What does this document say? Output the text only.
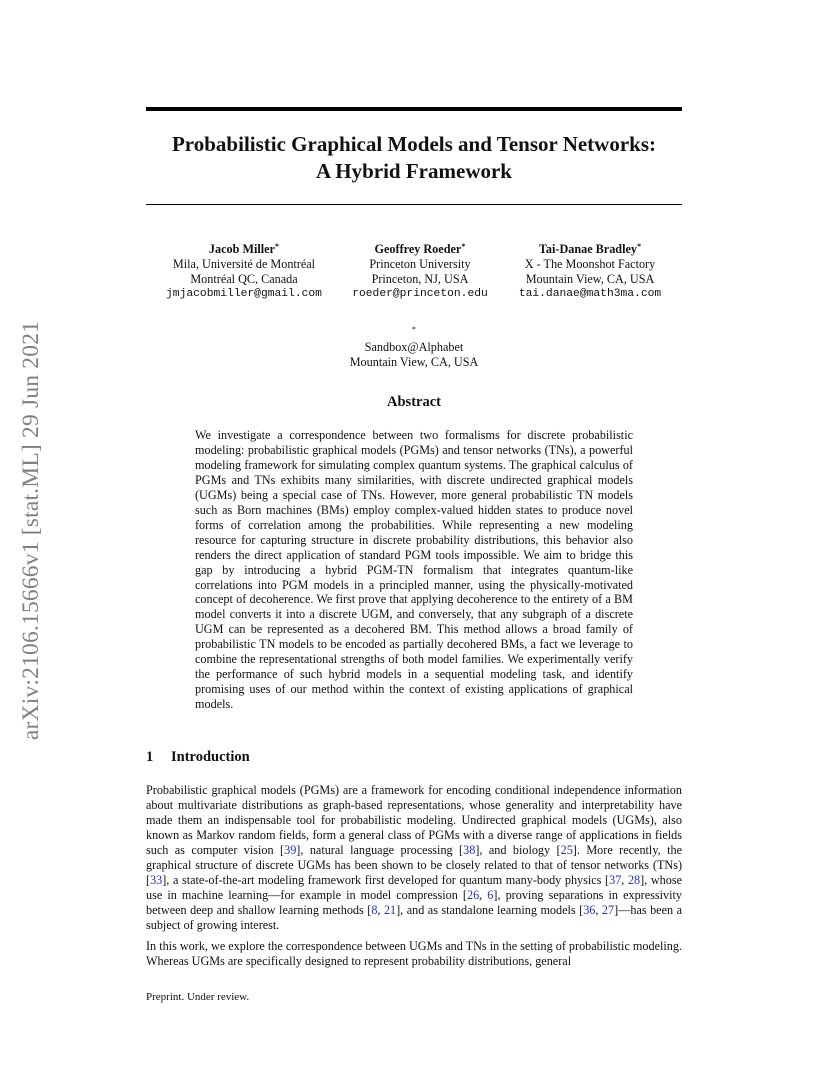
arXiv:2106.15666v1 [stat.ML] 29 Jun 2021
Probabilistic Graphical Models and Tensor Networks:
A Hybrid Framework
Jacob Miller*
Mila, Université de Montréal
Montréal QC, Canada
jmjacobmiller@gmail.com
Geoffrey Roeder*
Princeton University
Princeton, NJ, USA
roeder@princeton.edu
Tai-Danae Bradley*
X - The Moonshot Factory
Mountain View, CA, USA
tai.danae@math3ma.com
*
Sandbox@Alphabet
Mountain View, CA, USA
Abstract

We investigate a correspondence between two formalisms for discrete probabilistic modeling: probabilistic graphical models (PGMs) and tensor networks (TNs), a powerful modeling framework for simulating complex quantum systems. The graphical calculus of PGMs and TNs exhibits many similarities, with discrete undirected graphical models (UGMs) being a special case of TNs. However, more general probabilistic TN models such as Born machines (BMs) employ complex-valued hidden states to produce novel forms of correlation among the probabilities. While representing a new modeling resource for capturing structure in discrete probability distributions, this behavior also renders the direct application of standard PGM tools impossible. We aim to bridge this gap by introducing a hybrid PGM-TN formalism that integrates quantum-like correlations into PGM models in a principled manner, using the physically-motivated concept of decoherence. We first prove that applying decoherence to the entirety of a BM model converts it into a discrete UGM, and conversely, that any subgraph of a discrete UGM can be represented as a decohered BM. This method allows a broad family of probabilistic TN models to be encoded as partially decohered BMs, a fact we leverage to combine the representational strengths of both model families. We experimentally verify the performance of such hybrid models in a sequential modeling task, and identify promising uses of our method within the context of existing applications of graphical models.

1 Introduction

Probabilistic graphical models (PGMs) are a framework for encoding conditional independence information about multivariate distributions as graph-based representations, whose generality and interpretability have made them an indispensable tool for probabilistic modeling. Undirected graphical models (UGMs), also known as Markov random fields, form a general class of PGMs with a diverse range of applications in fields such as computer vision [39], natural language processing [38], and biology [25]. More recently, the graphical structure of discrete UGMs has been shown to be closely related to that of tensor networks (TNs) [33], a state-of-the-art modeling framework first developed for quantum many-body physics [37, 28], whose use in machine learning—for example in model compression [26, 6], proving separations in expressivity between deep and shallow learning methods [8, 21], and as standalone learning models [36, 27]—has been a subject of growing interest.

In this work, we explore the correspondence between UGMs and TNs in the setting of probabilistic modeling. Whereas UGMs are specifically designed to represent probability distributions, general

Preprint. Under review.
